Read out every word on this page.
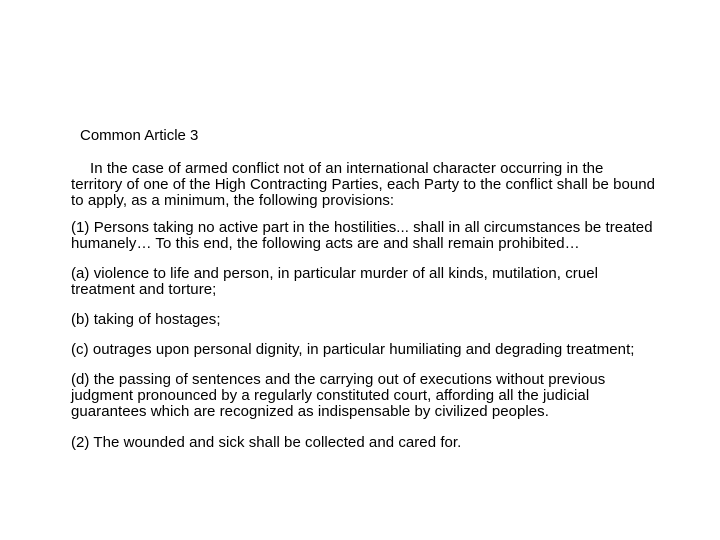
Common Article 3

In the case of armed conflict not of an international character occurring in the territory of one of the High Contracting Parties, each Party to the conflict shall be bound to apply, as a minimum, the following provisions:

(1) Persons taking no active part in the hostilities... shall in all circumstances be treated humanely… To this end, the following acts are and shall remain prohibited…

(a) violence to life and person, in particular murder of all kinds, mutilation, cruel treatment and torture;

(b) taking of hostages;

(c) outrages upon personal dignity, in particular humiliating and degrading treatment;

(d) the passing of sentences and the carrying out of executions without previous judgment pronounced by a regularly constituted court, affording all the judicial guarantees which are recognized as indispensable by civilized peoples.

(2) The wounded and sick shall be collected and cared for.
